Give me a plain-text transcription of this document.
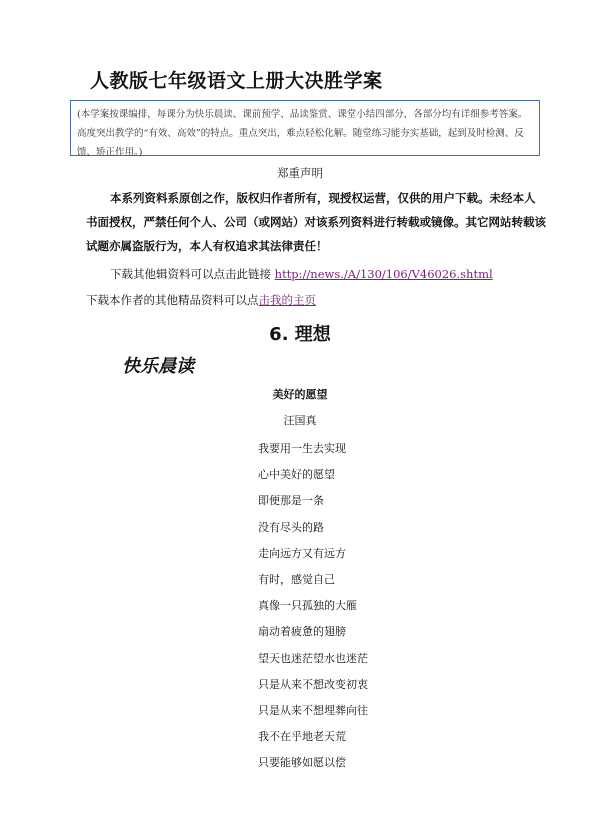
人教版七年级语文上册大决胜学案
(本学案按课编排，每课分为快乐晨读、课前预学、品读鉴赏、课堂小结四部分，各部分均有详细参考答案。高度突出教学的“有效、高效”的特点。重点突出，难点轻松化解。随堂练习能夯实基础，起到及时检测、反馈、矫正作用。)
郑重声明
本系列资料系原创之作，版权归作者所有，现授权运营，仅供的用户下载。未经本人书面授权，严禁任何个人、公司（或网站）对该系列资料进行转载或镜像。其它网站转载该试题亦属盗版行为，本人有权追求其法律责任！
下载其他辑资料可以点击此链接 http://news./A/130/106/V46026.shtml
下载本作者的其他精品资料可以点击我的主页
6. 理想
快乐晨读
美好的愿望
汪国真
我要用一生去实现
心中美好的愿望
即便那是一条
没有尽头的路
走向远方又有远方
有时，感觉自己
真像一只孤独的大雁
扇动着疲惫的翅膀
望天也迷茫望水也迷茫
只是从来不想改变初衷
只是从来不想埋葬向往
我不在乎地老天荒
只要能够如愿以偿
